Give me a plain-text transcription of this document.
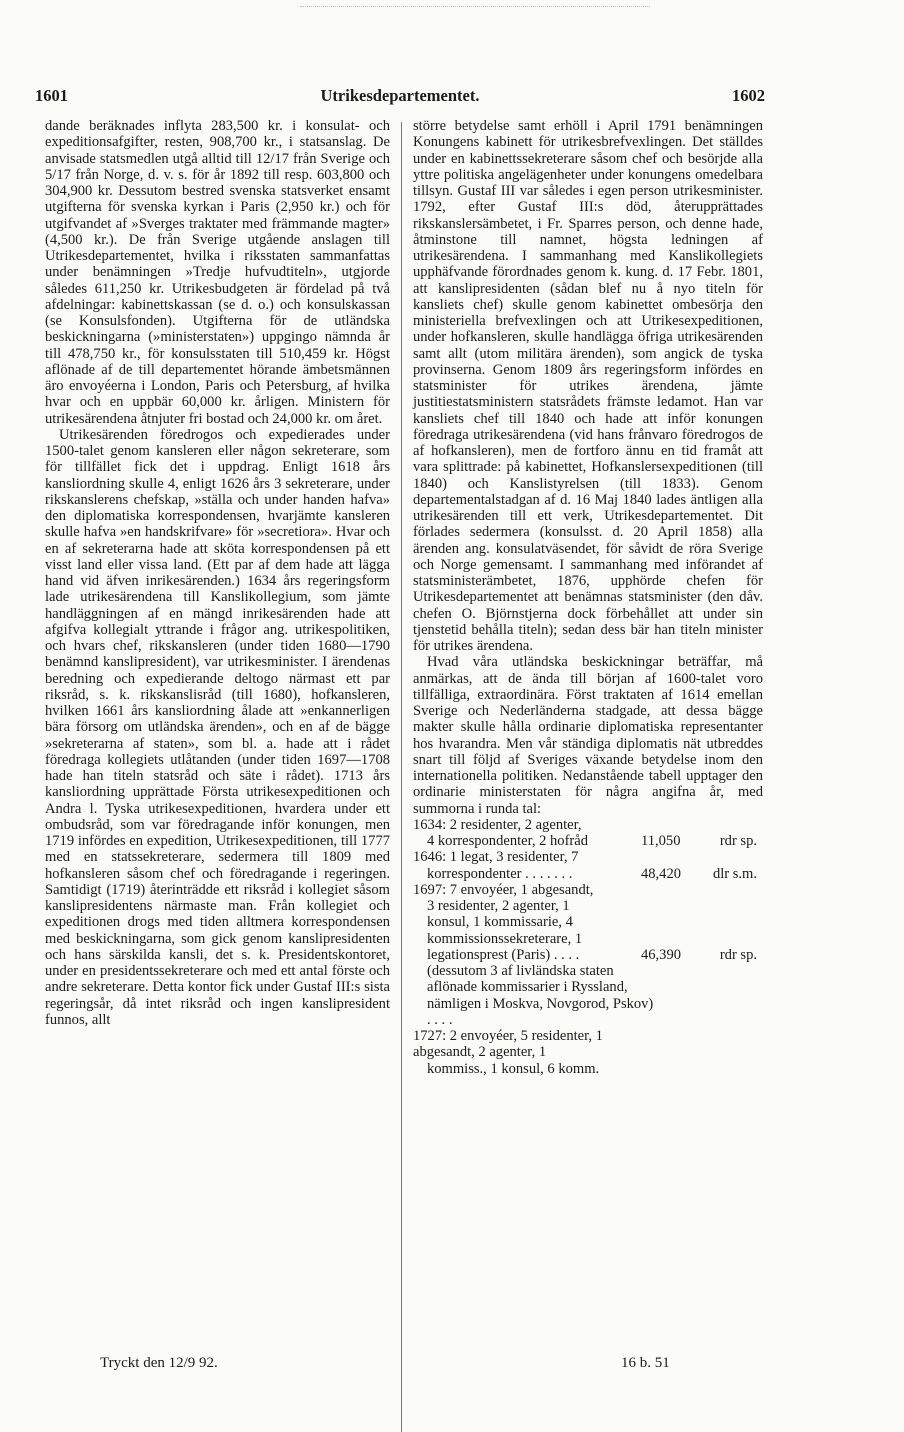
1601	Utrikesdepartementet.	1602

dande beräknades inflyta 283,500 kr. i konsulat- och expeditionsafgifter, resten, 908,700 kr., i statsanslag. De anvisade statsmedlen utgå alltid till 12/17 från Sverige och 5/17 från Norge, d. v. s. för år 1892 till resp. 603,800 och 304,900 kr. Dessutom bestred svenska statsverket ensamt utgifterna för svenska kyrkan i Paris (2,950 kr.) och för utgifvandet af »Sverges traktater med främmande magter» (4,500 kr.). De från Sverige utgående anslagen till Utrikesdepartementet, hvilka i riksstaten sammanfattas under benämningen »Tredje hufvudtiteln», utgjorde således 611,250 kr. Utrikesbudgeten är fördelad på två afdelningar: kabinettskassan (se d. o.) och konsulskassan (se Konsulsfonden). Utgifterna för de utländska beskickningarna (»ministerstaten») uppgingo nämnda år till 478,750 kr., för konsulsstaten till 510,459 kr. Högst aflönade af de till departementet hörande ämbetsmännen äro envoyéerna i London, Paris och Petersburg, af hvilka hvar och en uppbär 60,000 kr. årligen. Ministern för utrikesärendena åtnjuter fri bostad och 24,000 kr. om året.

Utrikesärenden föredrogos och expedierades under 1500-talet genom kansleren eller någon sekreterare, som för tillfället fick det i uppdrag. Enligt 1618 års kansliordning skulle 4, enligt 1626 års 3 sekreterare, under rikskanslerens chefskap, »ställa och under handen hafva» den diplomatiska korrespondensen, hvarjämte kansleren skulle hafva »en handskrifvare» för »secretiora». Hvar och en af sekreterarna hade att sköta korrespondensen på ett visst land eller vissa land. (Ett par af dem hade att lägga hand vid äfven inrikesärenden.) 1634 års regeringsform lade utrikesärendena till Kanslikollegium, som jämte handläggningen af en mängd inrikesärenden hade att afgifva kollegialt yttrande i frågor ang. utrikespolitiken, och hvars chef, rikskansleren (under tiden 1680—1790 benämnd kanslipresident), var utrikesminister. I ärendenas beredning och expedierande deltogo närmast ett par riksråd, s. k. rikskanslisråd (till 1680), hofkansleren, hvilken 1661 års kansliordning ålade att »enkannerligen bära försorg om utländska ärenden», och en af de bägge »sekreterarna af staten», som bl. a. hade att i rådet föredraga kollegiets utlåtanden (under tiden 1697—1708 hade han titeln statsråd och säte i rådet). 1713 års kansliordning upprättade Första utrikesexpeditionen och Andra l. Tyska utrikesexpeditionen, hvardera under ett ombudsråd, som var föredragande inför konungen, men 1719 infördes en expedition, Utrikesexpeditionen, till 1777 med en statssekreterare, sedermera till 1809 med hofkansleren såsom chef och föredragande i regeringen. Samtidigt (1719) återinträdde ett riksråd i kollegiet såsom kanslipresidentens närmaste man. Från kollegiet och expeditionen drogs med tiden alltmera korrespondensen med beskickningarna, som gick genom kanslipresidenten och hans särskilda kansli, det s. k. Presidentskontoret, under en presidentssekreterare och med ett antal förste och andre sekreterare. Detta kontor fick under Gustaf III:s sista regeringsår, då intet riksråd och ingen kanslipresident funnos, allt

större betydelse samt erhöll i April 1791 benämningen Konungens kabinett för utrikesbrefvexlingen. Det ställdes under en kabinettssekreterare såsom chef och besörjde alla yttre politiska angelägenheter under konungens omedelbara tillsyn. Gustaf III var således i egen person utrikesminister. 1792, efter Gustaf III:s död, återupprättades rikskanslersämbetet, i Fr. Sparres person, och denne hade, åtminstone till namnet, högsta ledningen af utrikesärendena. I sammanhang med Kanslikollegiets upphäfvande förordnades genom k. kung. d. 17 Febr. 1801, att kanslipresidenten (sådan blef nu å nyo titeln för kansliets chef) skulle genom kabinettet ombesörja den ministeriella brefvexlingen och att Utrikesexpeditionen, under hofkansleren, skulle handlägga öfriga utrikesärenden samt allt (utom militära ärenden), som angick de tyska provinserna. Genom 1809 års regeringsform infördes en statsminister för utrikes ärendena, jämte justitiestatsministern statsrådets främste ledamot. Han var kansliets chef till 1840 och hade att inför konungen föredraga utrikesärendena (vid hans frånvaro föredrogos de af hofkansleren), men de fortforo ännu en tid framåt att vara splittrade: på kabinettet, Hofkanslersexpeditionen (till 1840) och Kanslistyrelsen (till 1833). Genom departementalstadgan af d. 16 Maj 1840 lades äntligen alla utrikesärenden till ett verk, Utrikesdepartementet. Dit förlades sedermera (konsulsst. d. 20 April 1858) alla ärenden ang. konsulatväsendet, för såvidt de röra Sverige och Norge gemensamt. I sammanhang med införandet af statsministerämbetet, 1876, upphörde chefen för Utrikesdepartementet att benämnas statsminister (den dåv. chefen O. Björnstjerna dock förbehållet att under sin tjenstetid behålla titeln); sedan dess bär han titeln minister för utrikes ärendena.

Hvad våra utländska beskickningar beträffar, må anmärkas, att de ända till början af 1600-talet voro tillfälliga, extraordinära. Först traktaten af 1614 emellan Sverige och Nederländerna stadgade, att dessa bägge makter skulle hålla ordinarie diplomatiska representanter hos hvarandra. Men vår ständiga diplomatis nät utbreddes snart till följd af Sveriges växande betydelse inom den internationella politiken. Nedanstående tabell upptager den ordinarie ministerstaten för några angifna år, med summorna i runda tal:

1634: 2 residenter, 2 agenter,
4 korrespondenter, 2 hofråd	11,050	rdr sp.
1646: 1 legat, 3 residenter, 7
korrespondenter . . . . . . .	48,420 dlr s.m.
1697: 7 envoyéer, 1 abgesandt,
3 residenter, 2 agenter, 1
konsul, 1 kommissarie, 4
kommissionssekreterare, 1
legationsprest (Paris) . . . .	46,390	rdr sp.
(dessutom 3 af livländska staten aflönade kommissarier i Ryssland, nämligen i Moskva, Novgorod, Pskov) . . . .
1727: 2 envoyéer, 5 residenter, 1 abgesandt, 2 agenter, 1
kommiss., 1 konsul, 6 komm.
Tryckt den 12/9 92.	16 b. 51
